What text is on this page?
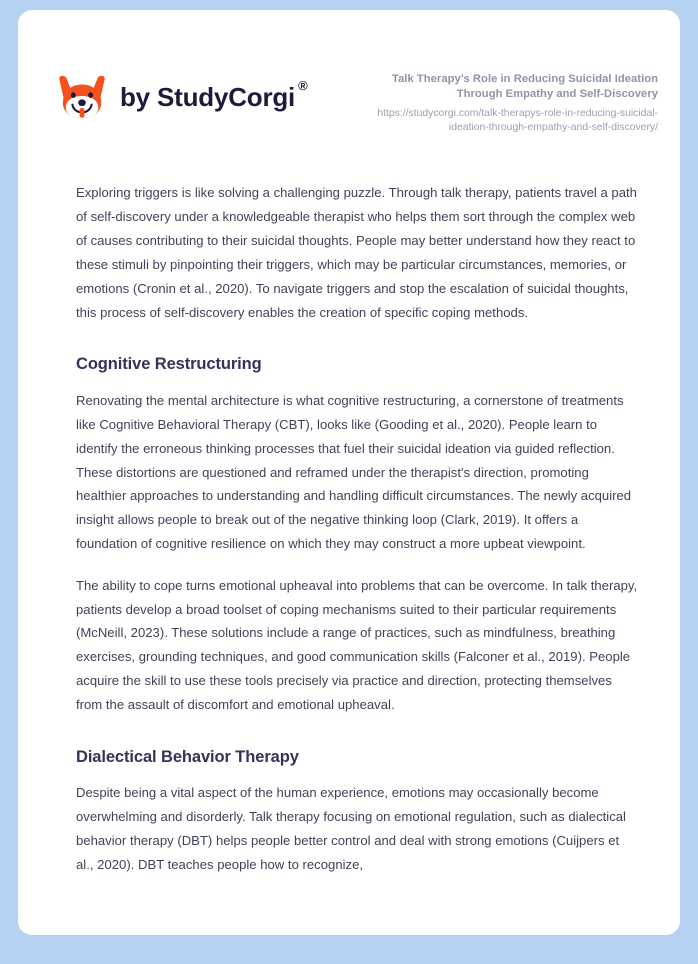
by StudyCorgi ®	Talk Therapy’s Role in Reducing Suicidal Ideation Through Empathy and Self-Discovery

https://studycorgi.com/talk-therapys-role-in-reducing-suicidal-ideation-through-empathy-and-self-discovery/

Exploring triggers is like solving a challenging puzzle. Through talk therapy, patients travel a path of self-discovery under a knowledgeable therapist who helps them sort through the complex web of causes contributing to their suicidal thoughts. People may better understand how they react to these stimuli by pinpointing their triggers, which may be particular circumstances, memories, or emotions (Cronin et al., 2020). To navigate triggers and stop the escalation of suicidal thoughts, this process of self-discovery enables the creation of specific coping methods.

Cognitive Restructuring

Renovating the mental architecture is what cognitive restructuring, a cornerstone of treatments like Cognitive Behavioral Therapy (CBT), looks like (Gooding et al., 2020). People learn to identify the erroneous thinking processes that fuel their suicidal ideation via guided reflection. These distortions are questioned and reframed under the therapist's direction, promoting healthier approaches to understanding and handling difficult circumstances. The newly acquired insight allows people to break out of the negative thinking loop (Clark, 2019). It offers a foundation of cognitive resilience on which they may construct a more upbeat viewpoint.

The ability to cope turns emotional upheaval into problems that can be overcome. In talk therapy, patients develop a broad toolset of coping mechanisms suited to their particular requirements (McNeill, 2023). These solutions include a range of practices, such as mindfulness, breathing exercises, grounding techniques, and good communication skills (Falconer et al., 2019). People acquire the skill to use these tools precisely via practice and direction, protecting themselves from the assault of discomfort and emotional upheaval.

Dialectical Behavior Therapy

Despite being a vital aspect of the human experience, emotions may occasionally become overwhelming and disorderly. Talk therapy focusing on emotional regulation, such as dialectical behavior therapy (DBT) helps people better control and deal with strong emotions (Cuijpers et al., 2020). DBT teaches people how to recognize,
